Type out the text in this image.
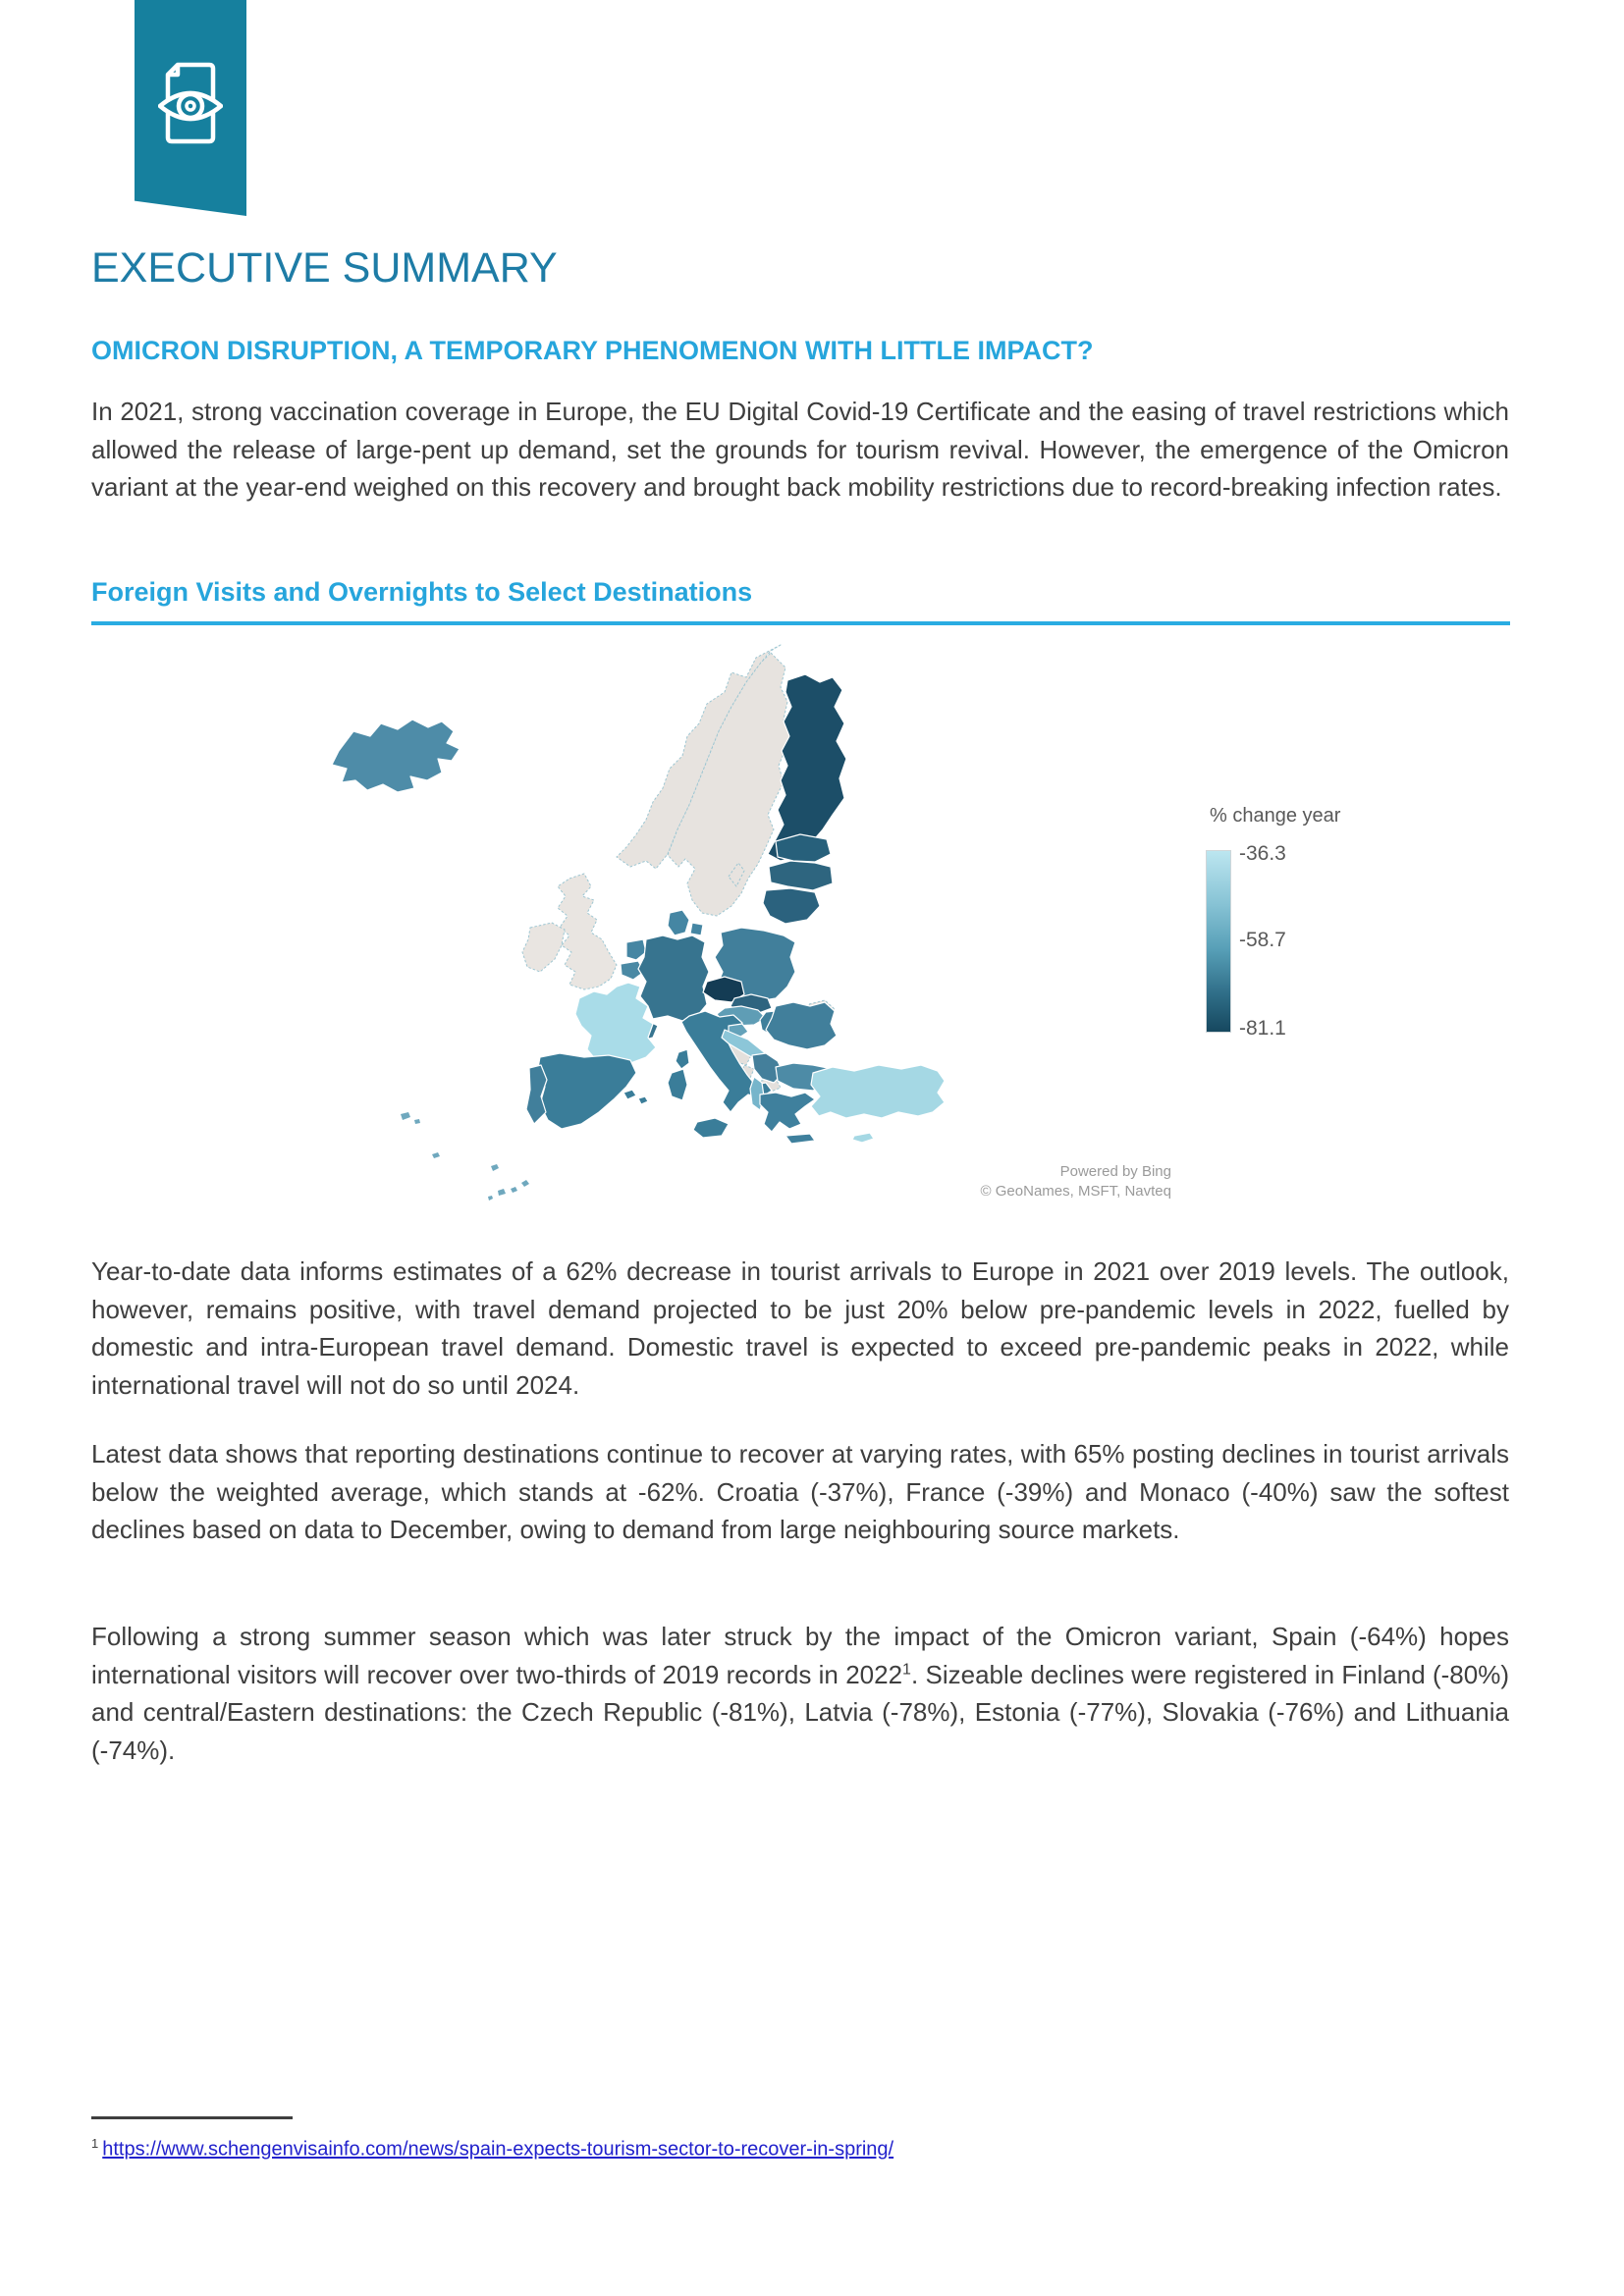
EXECUTIVE SUMMARY
OMICRON DISRUPTION, A TEMPORARY PHENOMENON WITH LITTLE IMPACT?
In 2021, strong vaccination coverage in Europe, the EU Digital Covid-19 Certificate and the easing of travel restrictions which allowed the release of large-pent up demand, set the grounds for tourism revival. However, the emergence of the Omicron variant at the year-end weighed on this recovery and brought back mobility restrictions due to record-breaking infection rates.
Foreign Visits and Overnights to Select Destinations
% change year
-36.3
-58.7
-81.1
Powered by Bing
© GeoNames, MSFT, Navteq
Year-to-date data informs estimates of a 62% decrease in tourist arrivals to Europe in 2021 over 2019 levels. The outlook, however, remains positive, with travel demand projected to be just 20% below pre-pandemic levels in 2022, fuelled by domestic and intra-European travel demand. Domestic travel is expected to exceed pre-pandemic peaks in 2022, while international travel will not do so until 2024.
Latest data shows that reporting destinations continue to recover at varying rates, with 65% posting declines in tourist arrivals below the weighted average, which stands at -62%. Croatia (-37%), France (-39%) and Monaco (-40%) saw the softest declines based on data to December, owing to demand from large neighbouring source markets.
Following a strong summer season which was later struck by the impact of the Omicron variant, Spain (-64%) hopes international visitors will recover over two-thirds of 2019 records in 2022$^1$. Sizeable declines were registered in Finland (-80%) and central/Eastern destinations: the Czech Republic (-81%), Latvia (-78%), Estonia (-77%), Slovakia (-76%) and Lithuania (-74%).
$^1$ https://www.schengenvisainfo.com/news/spain-expects-tourism-sector-to-recover-in-spring/
